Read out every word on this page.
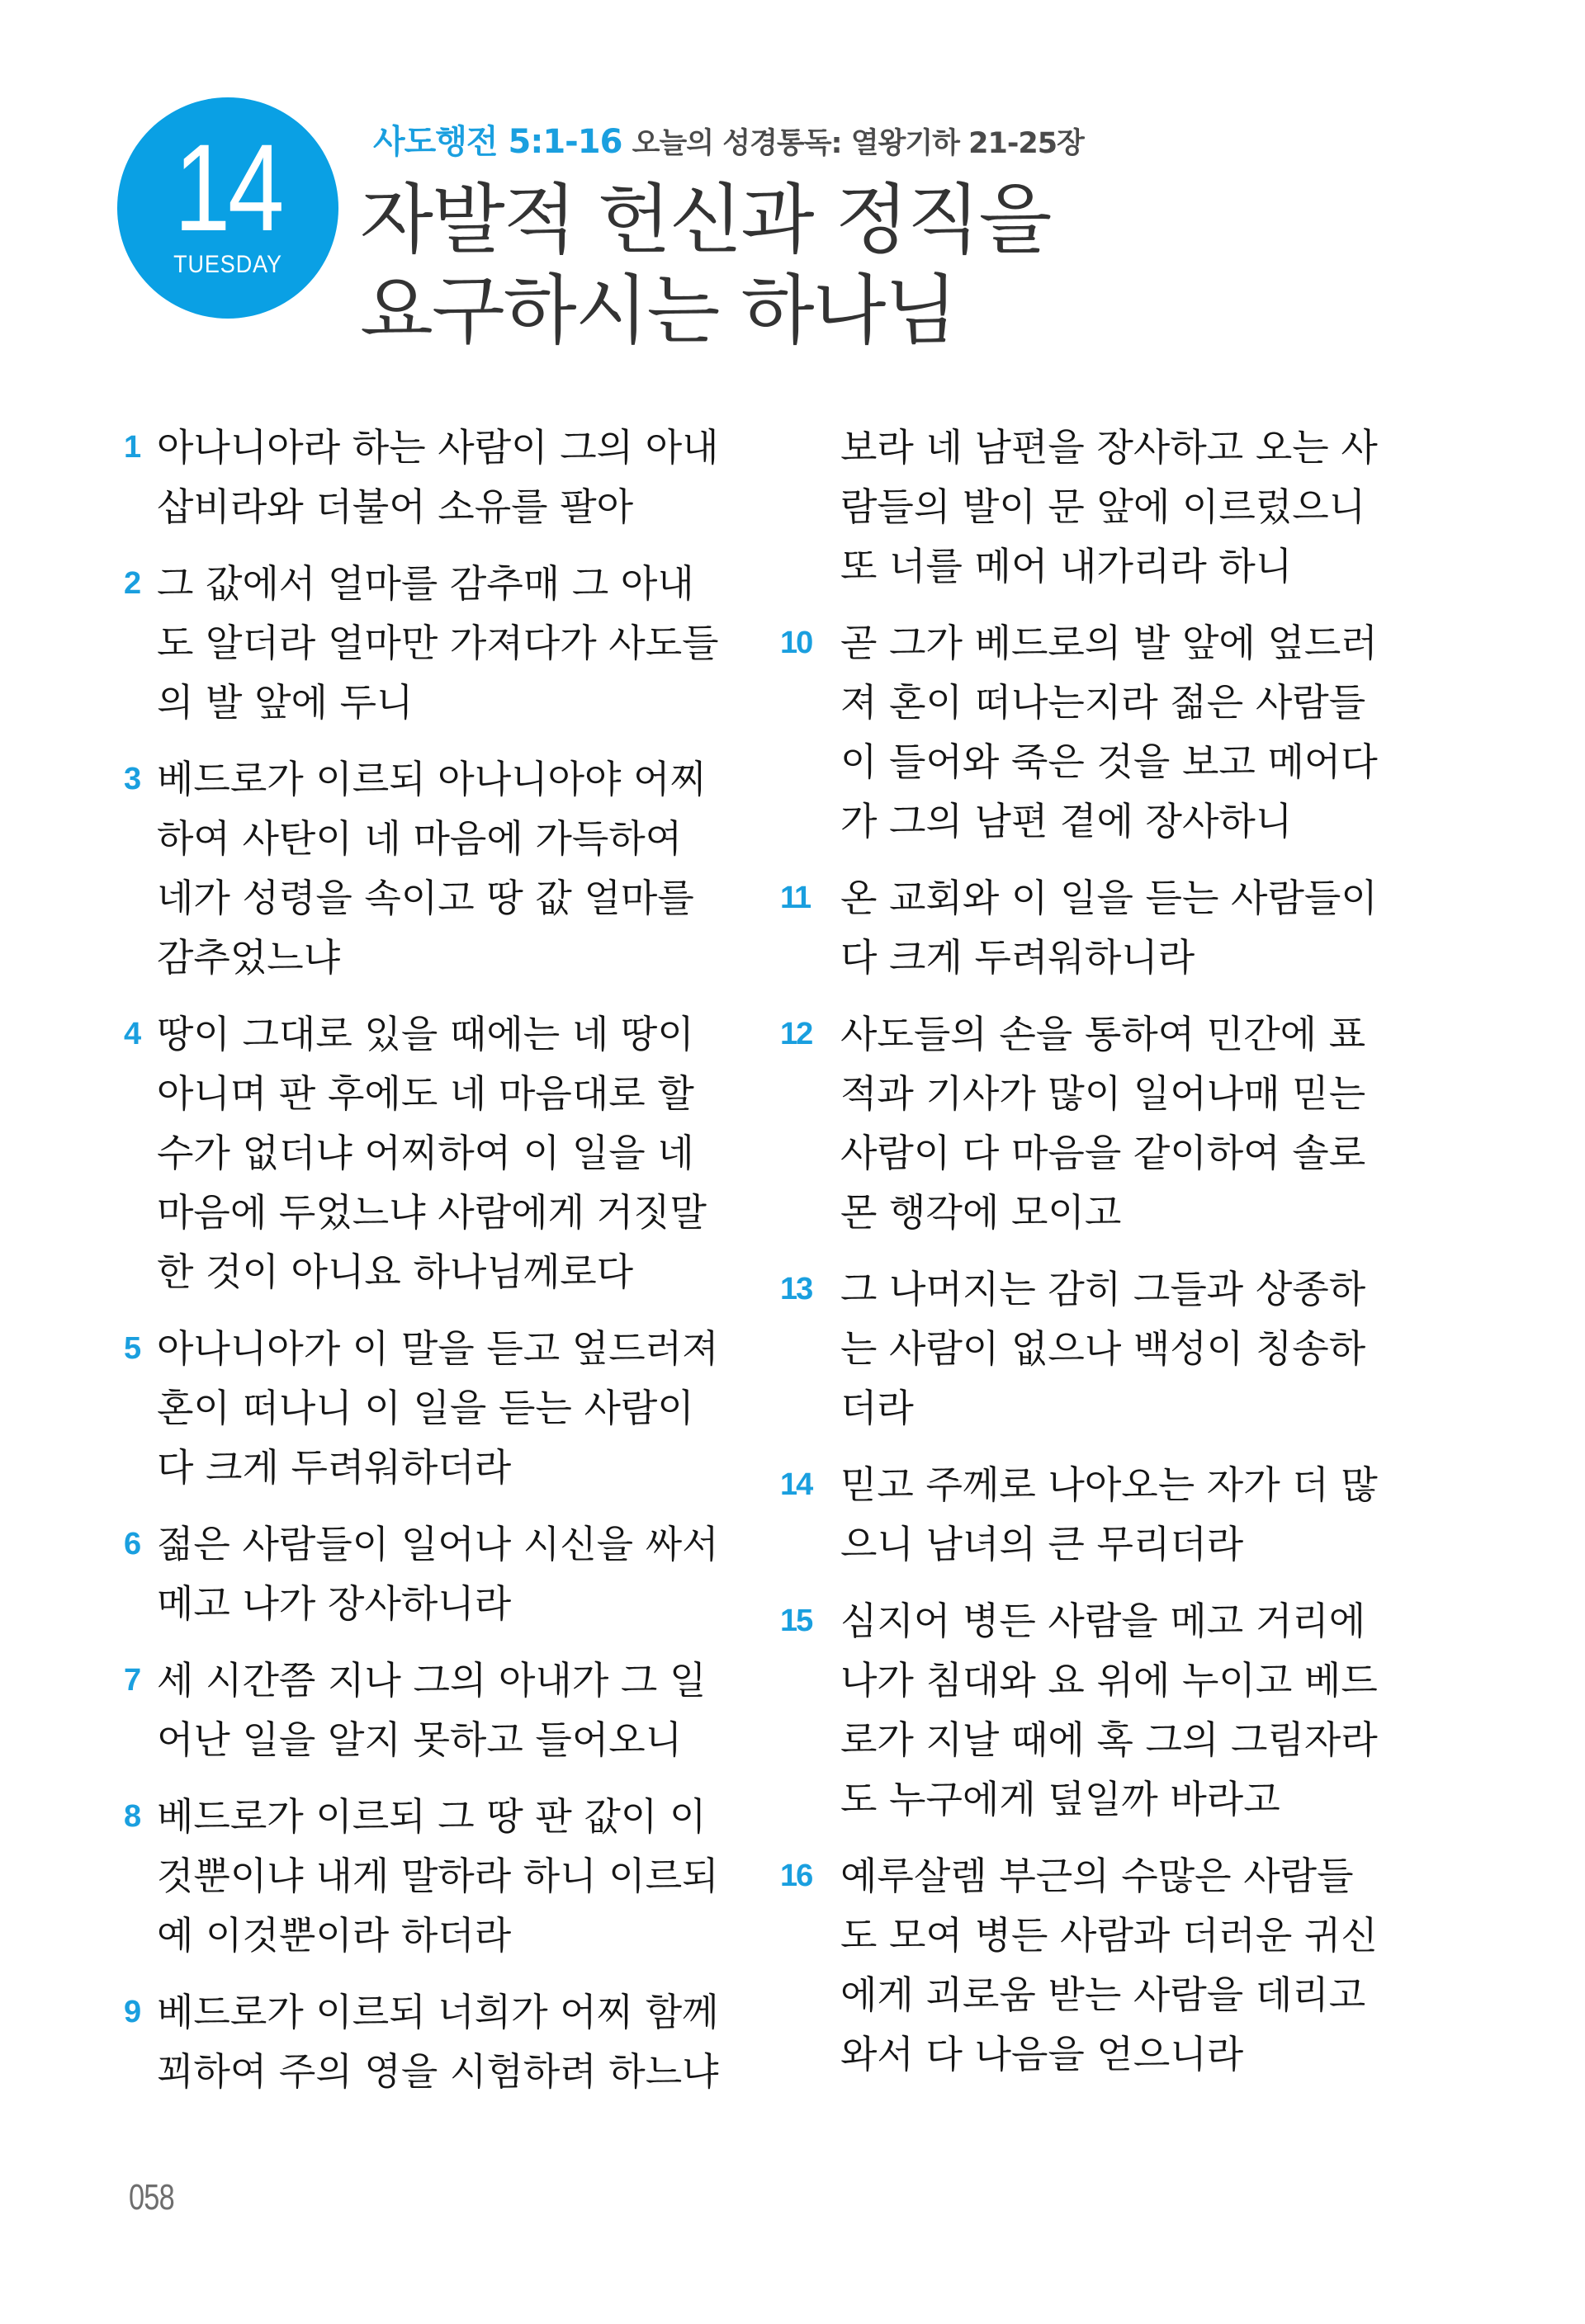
14
TUESDAY
사도행전 5:1-16 오늘의 성경통독: 열왕기하 21-25장
자발적 헌신과 정직을
요구하시는 하나님
1 아나니아라 하는 사람이 그의 아내
삽비라와 더불어 소유를 팔아
2 그 값에서 얼마를 감추매 그 아내
도 알더라 얼마만 가져다가 사도들
의 발 앞에 두니
3 베드로가 이르되 아나니아야 어찌
하여 사탄이 네 마음에 가득하여
네가 성령을 속이고 땅 값 얼마를
감추었느냐
4 땅이 그대로 있을 때에는 네 땅이
아니며 판 후에도 네 마음대로 할
수가 없더냐 어찌하여 이 일을 네
마음에 두었느냐 사람에게 거짓말
한 것이 아니요 하나님께로다
5 아나니아가 이 말을 듣고 엎드러져
혼이 떠나니 이 일을 듣는 사람이
다 크게 두려워하더라
6 젊은 사람들이 일어나 시신을 싸서
메고 나가 장사하니라
7 세 시간쯤 지나 그의 아내가 그 일
어난 일을 알지 못하고 들어오니
8 베드로가 이르되 그 땅 판 값이 이
것뿐이냐 내게 말하라 하니 이르되
예 이것뿐이라 하더라
9 베드로가 이르되 너희가 어찌 함께
꾀하여 주의 영을 시험하려 하느냐
보라 네 남편을 장사하고 오는 사
람들의 발이 문 앞에 이르렀으니
또 너를 메어 내가리라 하니
10 곧 그가 베드로의 발 앞에 엎드러
져 혼이 떠나는지라 젊은 사람들
이 들어와 죽은 것을 보고 메어다
가 그의 남편 곁에 장사하니
11 온 교회와 이 일을 듣는 사람들이
다 크게 두려워하니라
12 사도들의 손을 통하여 민간에 표
적과 기사가 많이 일어나매 믿는
사람이 다 마음을 같이하여 솔로
몬 행각에 모이고
13 그 나머지는 감히 그들과 상종하
는 사람이 없으나 백성이 칭송하
더라
14 믿고 주께로 나아오는 자가 더 많
으니 남녀의 큰 무리더라
15 심지어 병든 사람을 메고 거리에
나가 침대와 요 위에 누이고 베드
로가 지날 때에 혹 그의 그림자라
도 누구에게 덮일까 바라고
16 예루살렘 부근의 수많은 사람들
도 모여 병든 사람과 더러운 귀신
에게 괴로움 받는 사람을 데리고
와서 다 나음을 얻으니라
058
